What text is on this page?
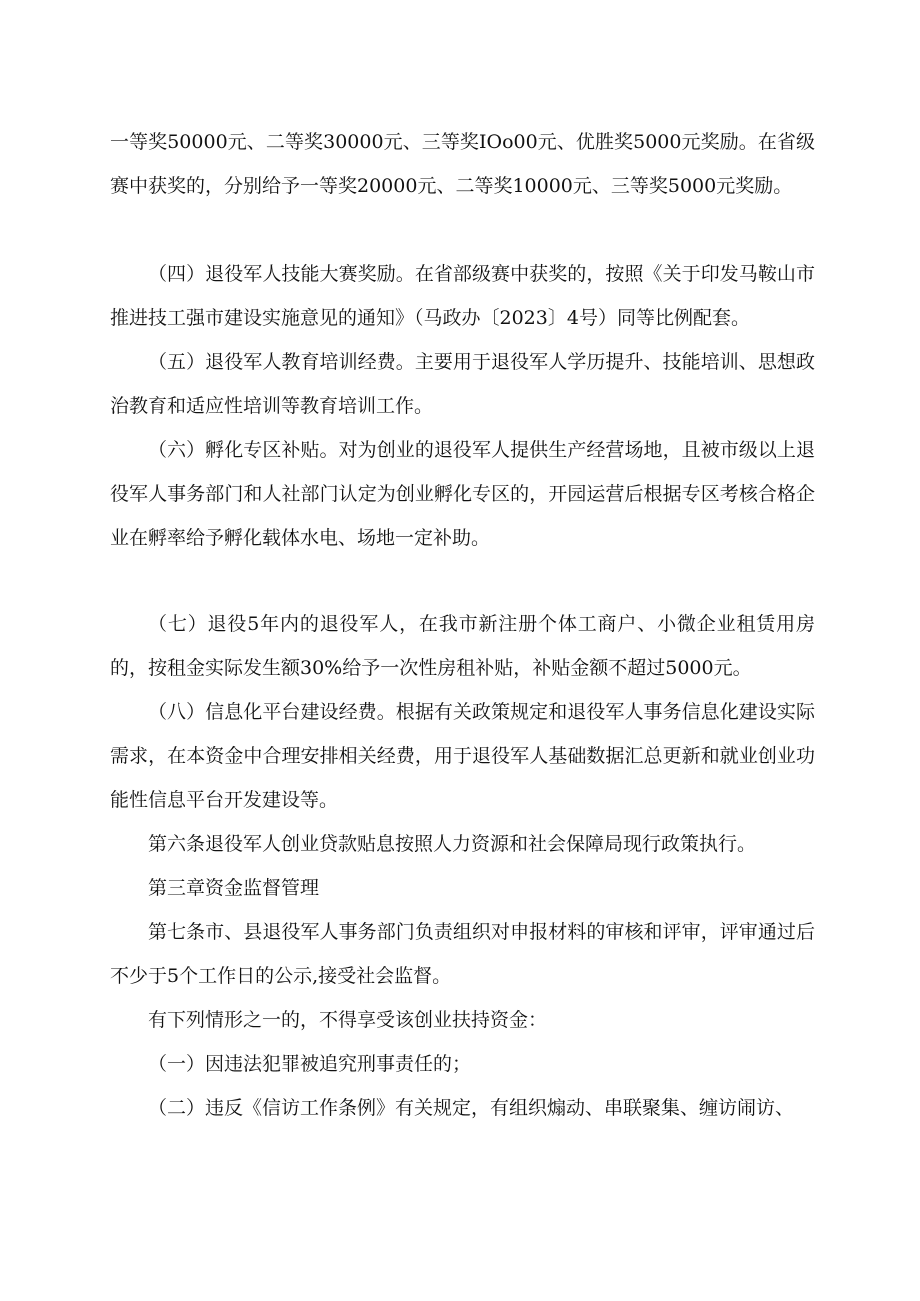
一等奖50000元、二等奖30000元、三等奖IOo00元、优胜奖5000元奖励。在省级赛中获奖的，分别给予一等奖20000元、二等奖10000元、三等奖5000元奖励。

（四）退役军人技能大赛奖励。在省部级赛中获奖的，按照《关于印发马鞍山市推进技工强市建设实施意见的通知》（马政办〔2023〕4号）同等比例配套。

（五）退役军人教育培训经费。主要用于退役军人学历提升、技能培训、思想政治教育和适应性培训等教育培训工作。

（六）孵化专区补贴。对为创业的退役军人提供生产经营场地，且被市级以上退役军人事务部门和人社部门认定为创业孵化专区的，开园运营后根据专区考核合格企业在孵率给予孵化载体水电、场地一定补助。

（七）退役5年内的退役军人，在我市新注册个体工商户、小微企业租赁用房的，按租金实际发生额30%给予一次性房租补贴，补贴金额不超过5000元。

（八）信息化平台建设经费。根据有关政策规定和退役军人事务信息化建设实际需求，在本资金中合理安排相关经费，用于退役军人基础数据汇总更新和就业创业功能性信息平台开发建设等。

第六条退役军人创业贷款贴息按照人力资源和社会保障局现行政策执行。

第三章资金监督管理

第七条市、县退役军人事务部门负责组织对申报材料的审核和评审，评审通过后不少于5个工作日的公示,接受社会监督。

有下列情形之一的，不得享受该创业扶持资金：

（一）因违法犯罪被追究刑事责任的；

（二）违反《信访工作条例》有关规定，有组织煽动、串联聚集、缠访闹访、
